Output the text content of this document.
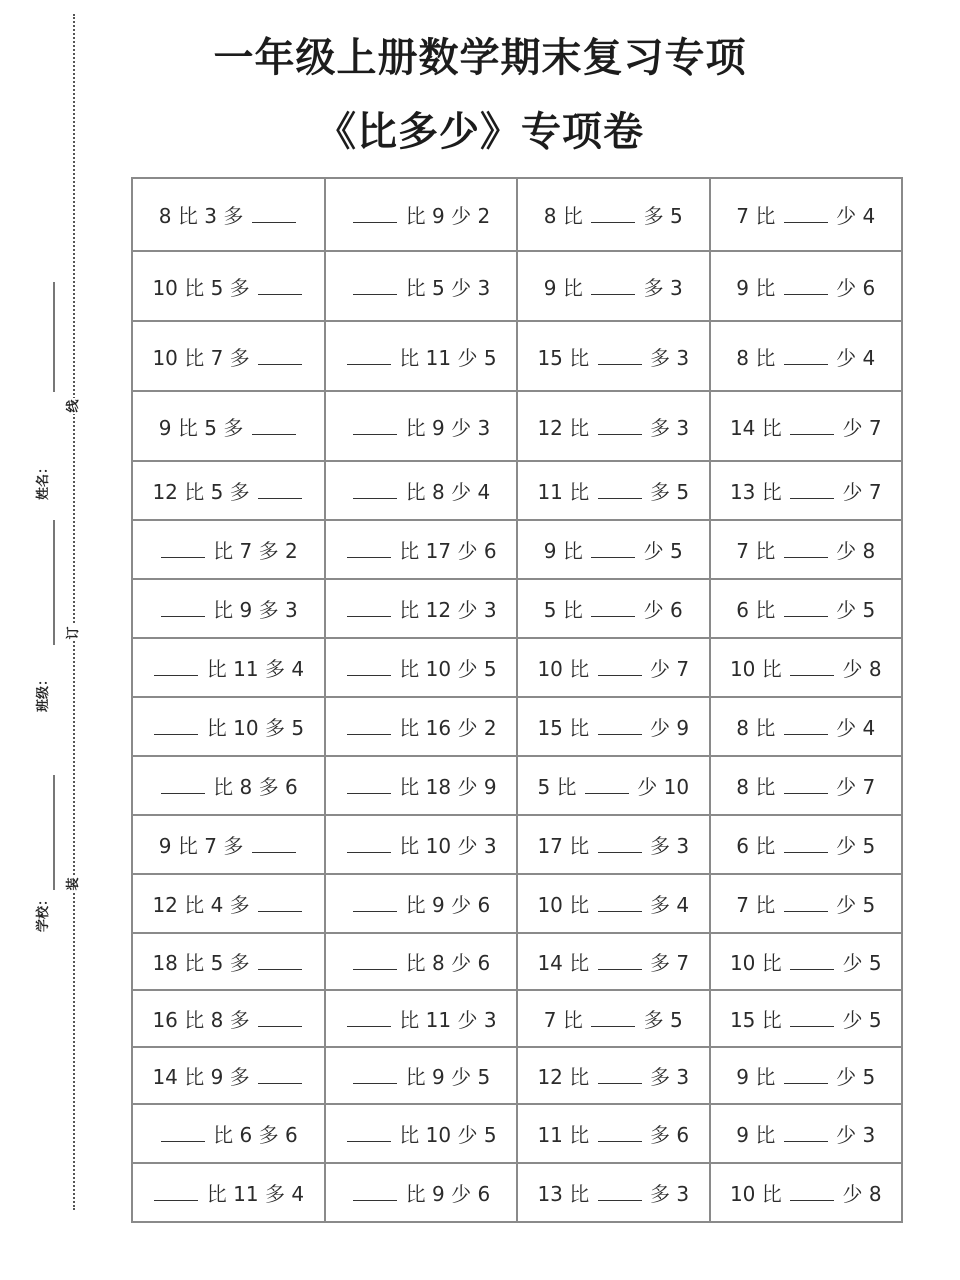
线
订
装
姓名：
班级：
学校：
一年级上册数学期末复习专项
《比多少》专项卷
8 比 3 多	比 9 少 2	8 比  多 5	7 比  少 4
10 比 5 多	比 5 少 3	9 比  多 3	9 比  少 6
10 比 7 多	比 11 少 5	15 比  多 3	8 比  少 4
9 比 5 多	比 9 少 3	12 比  多 3	14 比  少 7
12 比 5 多	比 8 少 4	11 比  多 5	13 比  少 7
比 7 多 2	比 17 少 6	9 比  少 5	7 比  少 8
比 9 多 3	比 12 少 3	5 比  少 6	6 比  少 5
比 11 多 4	比 10 少 5	10 比  少 7	10 比  少 8
比 10 多 5	比 16 少 2	15 比  少 9	8 比  少 4
比 8 多 6	比 18 少 9	5 比  少 10	8 比  少 7
9 比 7 多	比 10 少 3	17 比  多 3	6 比  少 5
12 比 4 多	比 9 少 6	10 比  多 4	7 比  少 5
18 比 5 多	比 8 少 6	14 比  多 7	10 比  少 5
16 比 8 多	比 11 少 3	7 比  多 5	15 比  少 5
14 比 9 多	比 9 少 5	12 比  多 3	9 比  少 5
比 6 多 6	比 10 少 5	11 比  多 6	9 比  少 3
比 11 多 4	比 9 少 6	13 比  多 3	10 比  少 8
